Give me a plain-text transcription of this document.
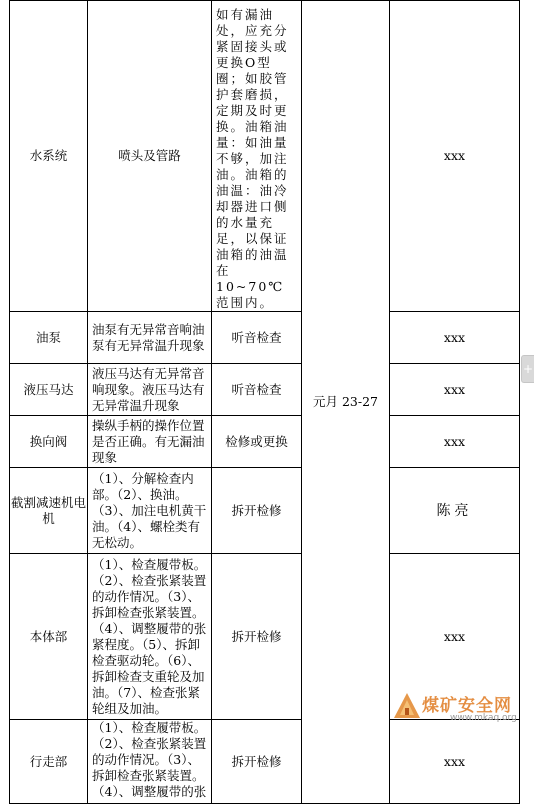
水系统	喷头及管路	如有漏油处，应充分紧固接头或更换O型圈；如胶管护套磨损，定期及时更换。油箱油量：如油量不够，加注油。油箱的油温：油冷却器进口侧的水量充足，以保证油箱的油温在10~70℃范围内。	元月 23-27	xxx
油泵	油泵有无异常音响油泵有无异常温升现象	听音检查		xxx
液压马达	液压马达有无异常音响现象。液压马达有无异常温升现象	听音检查		xxx
换向阀	操纵手柄的操作位置是否正确。有无漏油现象	检修或更换		xxx
截割减速机电机	（1）、分解检查内部。（2）、换油。（3）、加注电机黄干油。（4）、螺栓类有无松动。	拆开检修		陈亮
本体部	（1）、检查履带板。（2）、检查张紧装置的动作情况。（3）、拆卸检查张紧装置。（4）、调整履带的张紧程度。（5）、拆卸检查驱动轮。（6）、拆卸检查支重轮及加油。（7）、检查张紧轮组及加油。	拆开检修		xxx
行走部	（1）、检查履带板。（2）、检查张紧装置的动作情况。（3）、拆卸检查张紧装置。（4）、调整履带的张	拆开检修		xxx
+
煤矿安全网
www.mkaq.org
